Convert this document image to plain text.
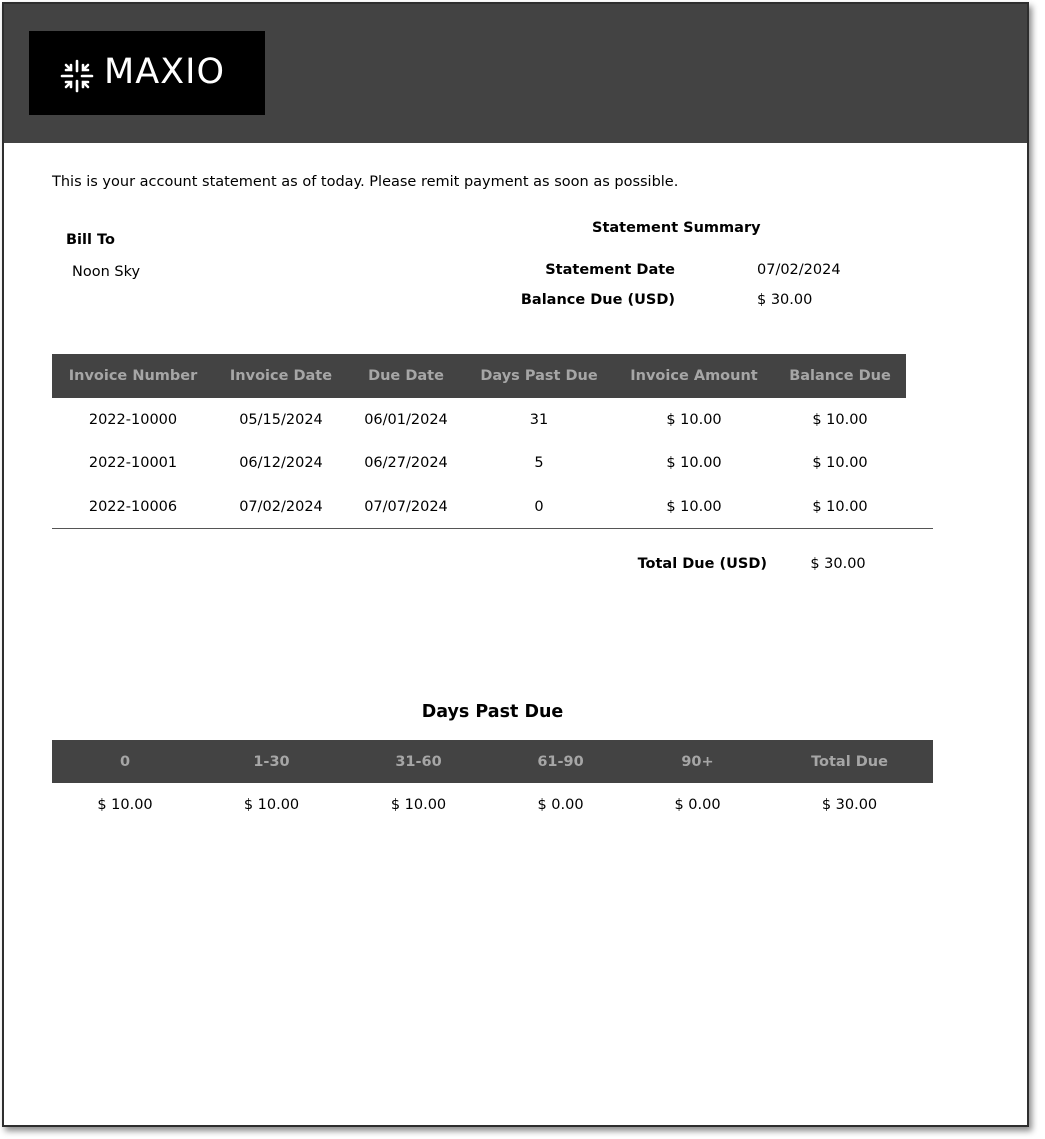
MAXIO
This is your account statement as of today. Please remit payment as soon as possible.
Bill To
Noon Sky
Statement Summary
Statement Date	07/02/2024
Balance Due (USD)	$ 30.00
Invoice Number	Invoice Date	Due Date	Days Past Due	Invoice Amount	Balance Due
2022-10000	05/15/2024	06/01/2024	31	$ 10.00	$ 10.00
2022-10001	06/12/2024	06/27/2024	5	$ 10.00	$ 10.00
2022-10006	07/02/2024	07/07/2024	0	$ 10.00	$ 10.00
Total Due (USD)	$ 30.00
Days Past Due
0	1-30	31-60	61-90	90+	Total Due
$ 10.00	$ 10.00	$ 10.00	$ 0.00	$ 0.00	$ 30.00
